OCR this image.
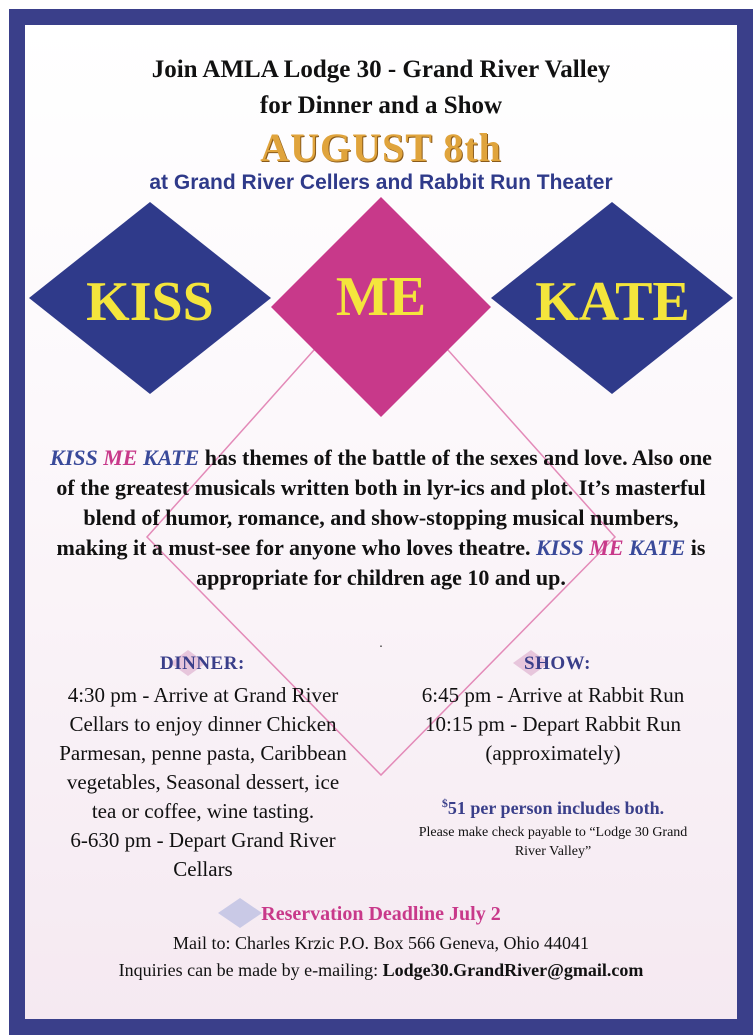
Join AMLA Lodge 30 - Grand River Valley
for Dinner and a Show
AUGUST 8th
at Grand River Cellers and Rabbit Run Theater
KISS	ME	KATE
KISS ME KATE has themes of the battle of the sexes and love. Also one of the greatest musicals written both in lyr-ics and plot. It’s masterful blend of humor, romance, and show-stopping musical numbers, making it a must-see for anyone who loves theatre. KISS ME KATE is appropriate for children age 10 and up.
.
DINNER:
4:30 pm - Arrive at Grand River
Cellars to enjoy dinner Chicken
Parmesan, penne pasta, Caribbean
vegetables, Seasonal dessert, ice
tea or coffee, wine tasting.
6-630 pm - Depart Grand River
Cellars
SHOW:
6:45 pm - Arrive at Rabbit Run
10:15 pm - Depart Rabbit Run
(approximately)
$51 per person includes both.
Please make check payable to “Lodge 30 Grand
River Valley”
Reservation Deadline July 2
Mail to: Charles Krzic P.O. Box 566 Geneva, Ohio 44041
Inquiries can be made by e-mailing: Lodge30.GrandRiver@gmail.com
